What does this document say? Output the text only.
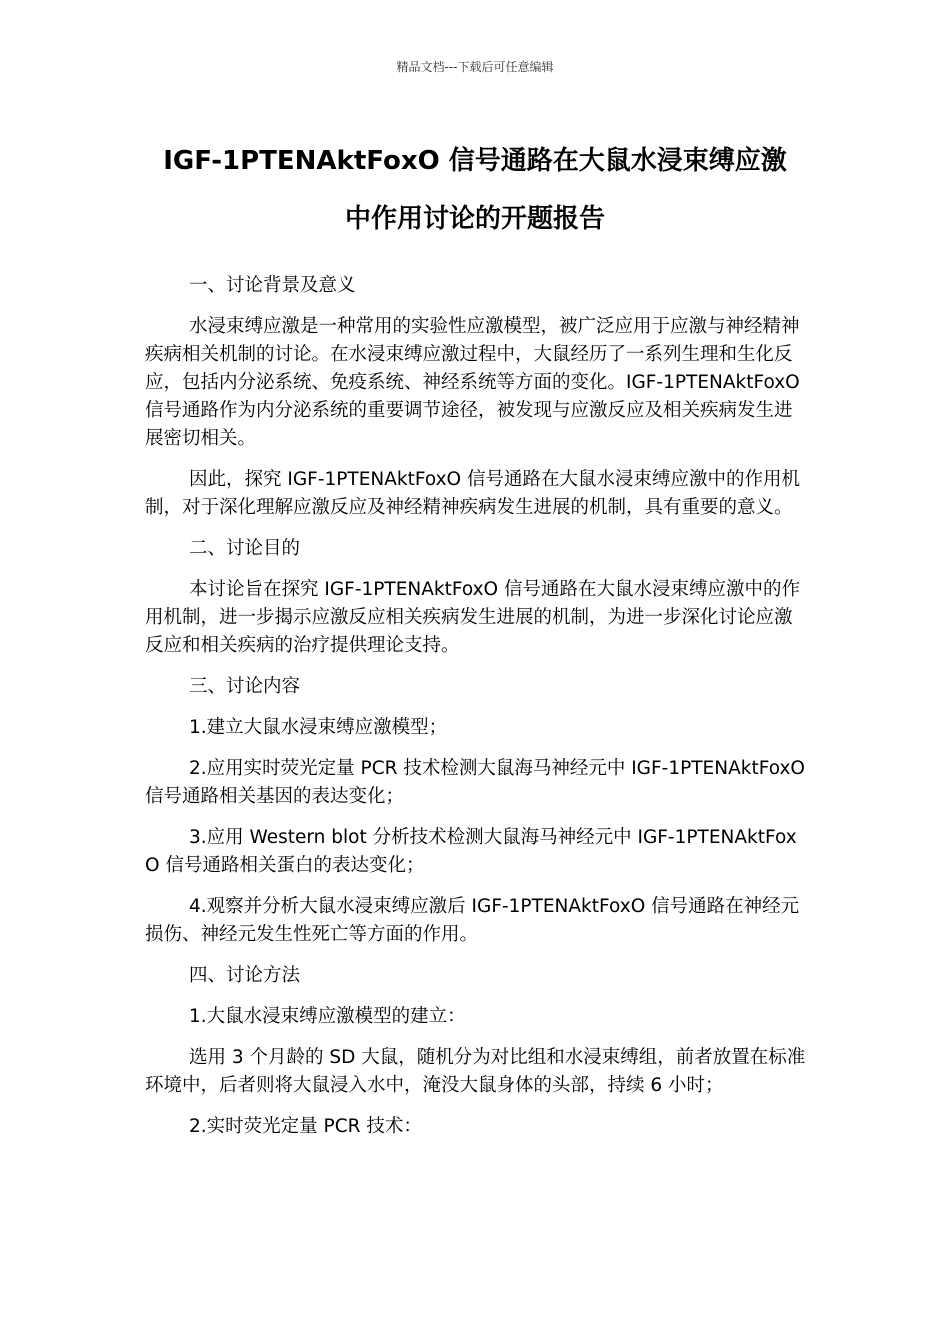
精品文档---下载后可任意编辑
IGF-1PTENAktFoxO 信号通路在大鼠水浸束缚应激
中作用讨论的开题报告

一、讨论背景及意义

水浸束缚应激是一种常用的实验性应激模型，被广泛应用于应激与神经精神疾病相关机制的讨论。在水浸束缚应激过程中，大鼠经历了一系列生理和生化反应，包括内分泌系统、免疫系统、神经系统等方面的变化。IGF-1PTENAktFoxO 信号通路作为内分泌系统的重要调节途径，被发现与应激反应及相关疾病发生进展密切相关。

因此，探究 IGF-1PTENAktFoxO 信号通路在大鼠水浸束缚应激中的作用机制，对于深化理解应激反应及神经精神疾病发生进展的机制，具有重要的意义。

二、讨论目的

本讨论旨在探究 IGF-1PTENAktFoxO 信号通路在大鼠水浸束缚应激中的作用机制，进一步揭示应激反应相关疾病发生进展的机制，为进一步深化讨论应激反应和相关疾病的治疗提供理论支持。

三、讨论内容

1.建立大鼠水浸束缚应激模型；

2.应用实时荧光定量 PCR 技术检测大鼠海马神经元中 IGF-1PTENAktFoxO 信号通路相关基因的表达变化；

3.应用 Western blot 分析技术检测大鼠海马神经元中 IGF-1PTENAktFoxO 信号通路相关蛋白的表达变化；

4.观察并分析大鼠水浸束缚应激后 IGF-1PTENAktFoxO 信号通路在神经元损伤、神经元发生性死亡等方面的作用。

四、讨论方法

1.大鼠水浸束缚应激模型的建立：

选用 3 个月龄的 SD 大鼠，随机分为对比组和水浸束缚组，前者放置在标准环境中，后者则将大鼠浸入水中，淹没大鼠身体的头部，持续 6 小时；

2.实时荧光定量 PCR 技术：
